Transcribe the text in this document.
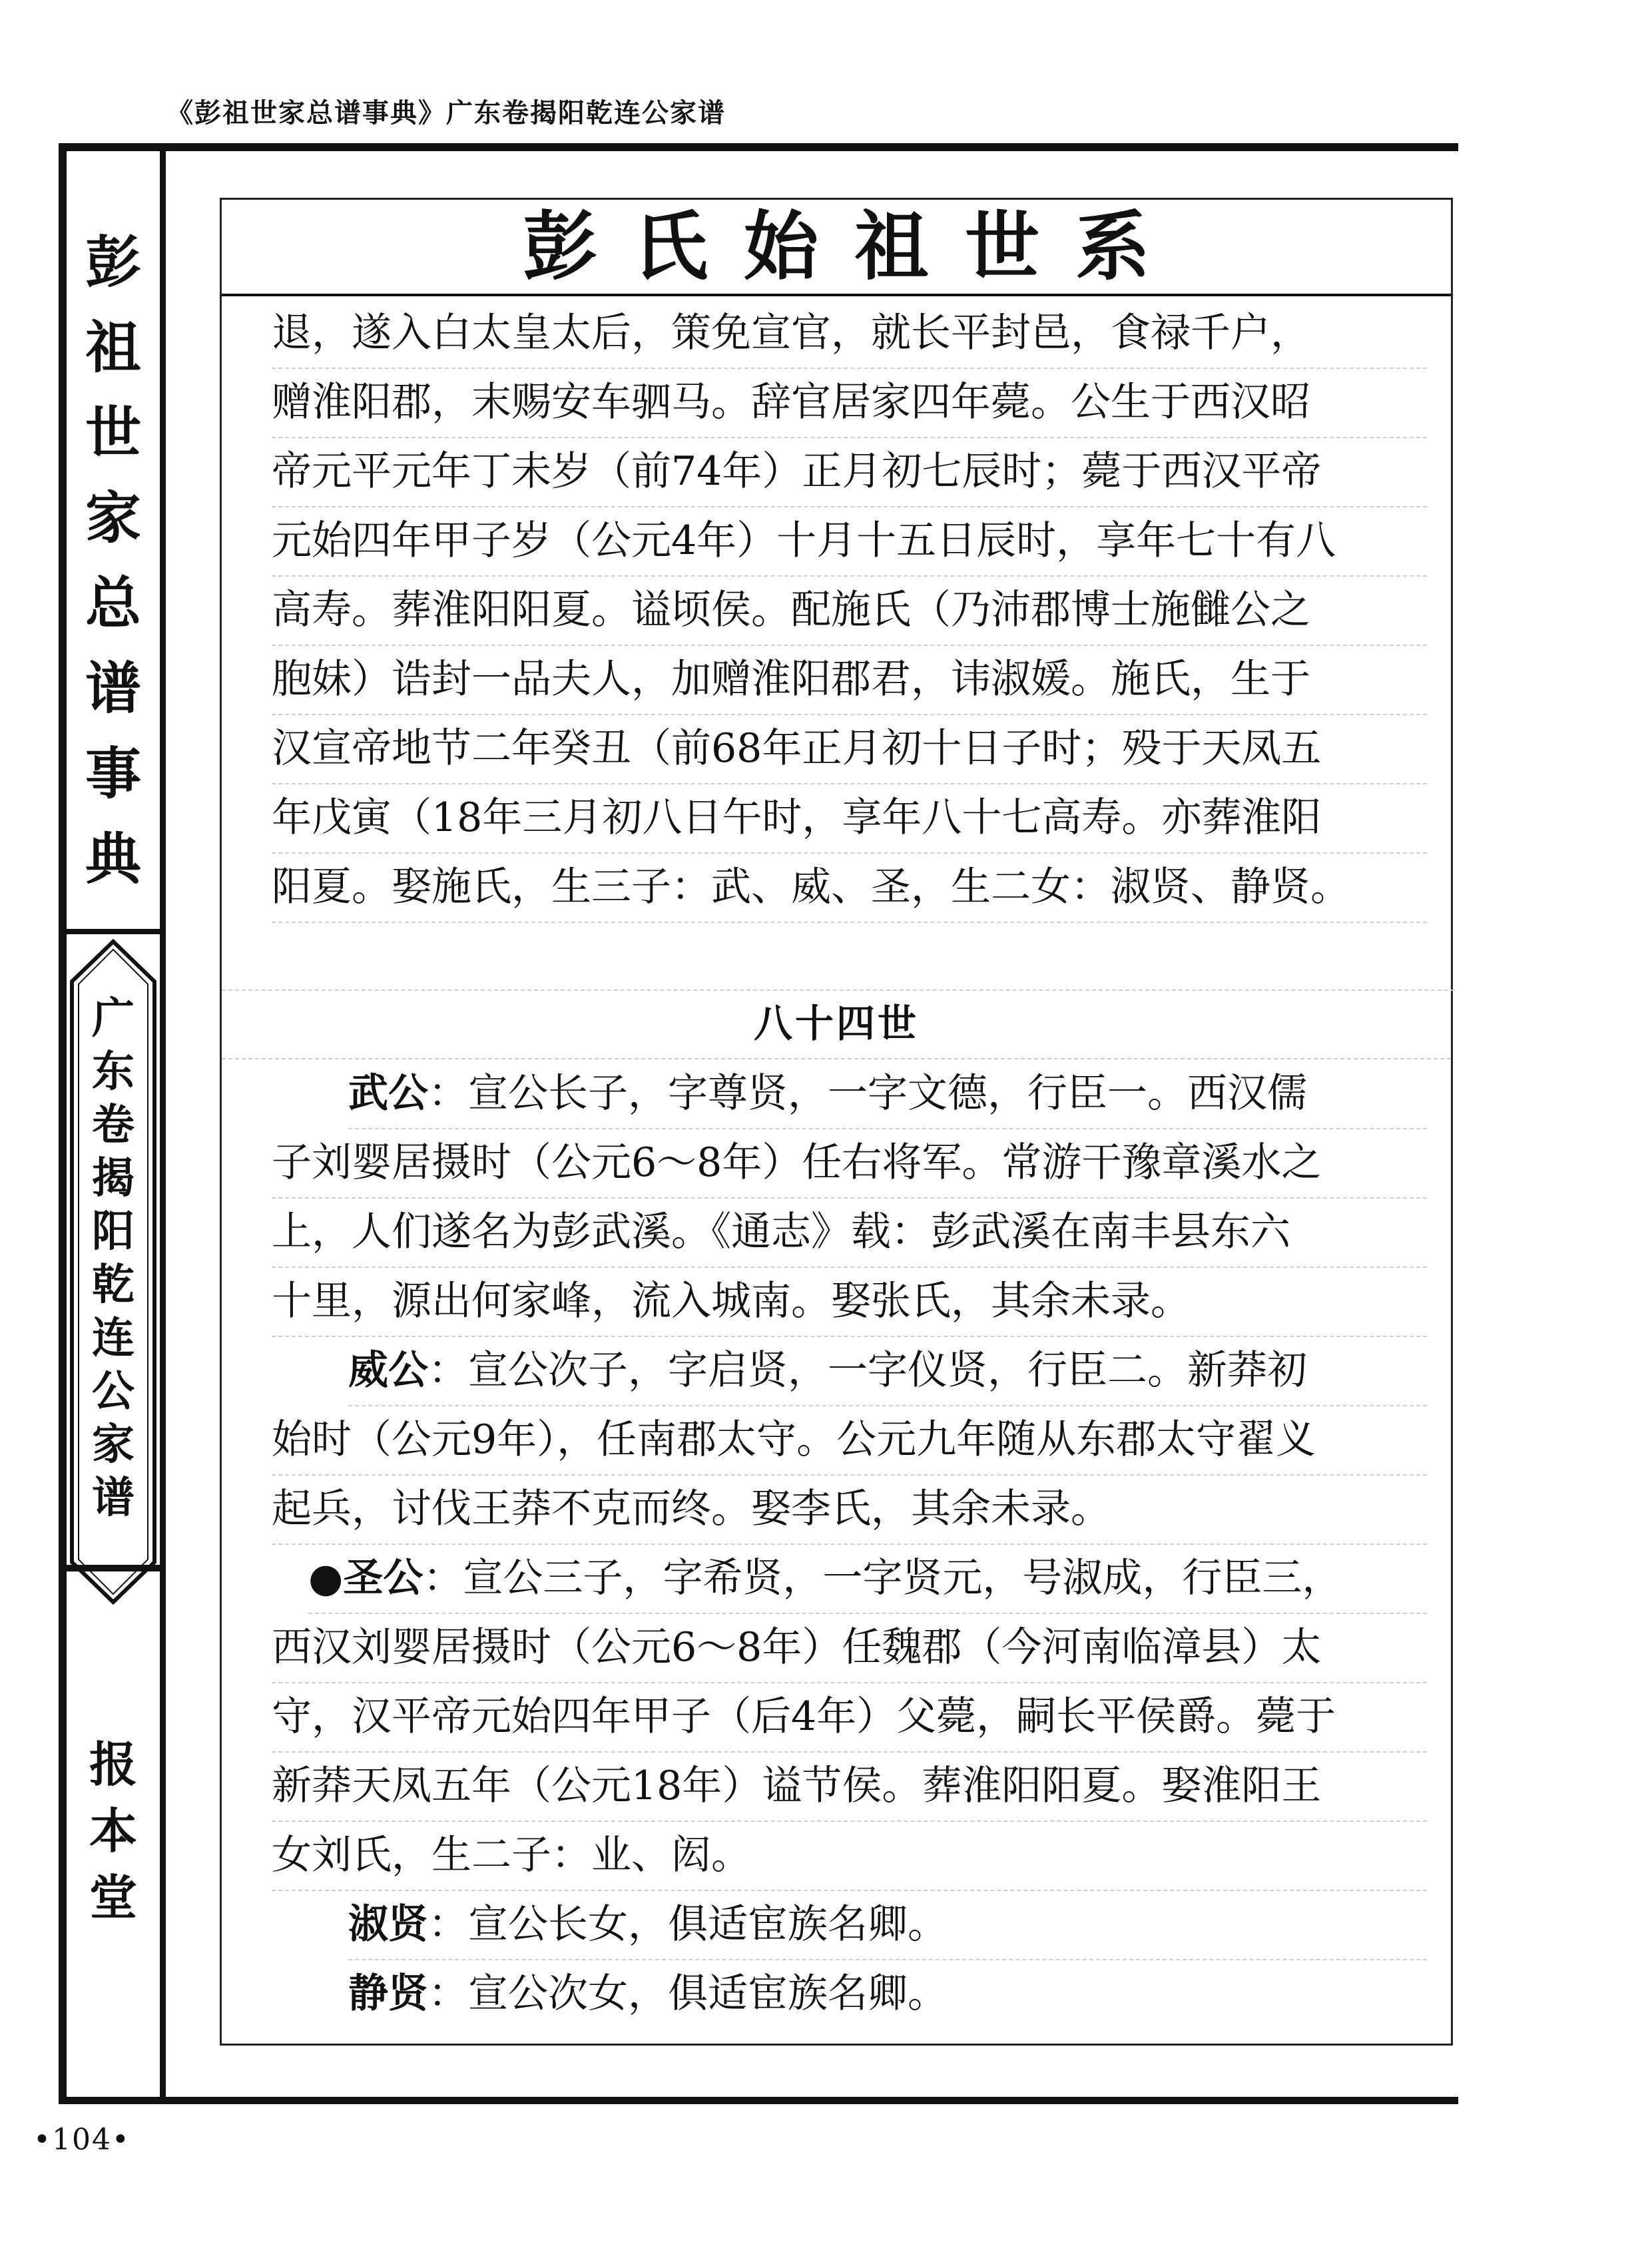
《彭祖世家总谱事典》广东卷揭阳乾连公家谱
彭
祖
世
家
总
谱
事
典
广
东
卷
揭
阳
乾
连
公
家
谱
报
本
堂
彭氏始祖世系
退，遂入白太皇太后，策免宣官，就长平封邑，食禄千户，
赠淮阳郡，末赐安车驷马。辞官居家四年薨。公生于西汉昭
帝元平元年丁未岁（前74年）正月初七辰时；薨于西汉平帝
元始四年甲子岁（公元4年）十月十五日辰时，享年七十有八
高寿。葬淮阳阳夏。谥顷侯。配施氏（乃沛郡博士施雠公之
胞妹）诰封一品夫人，加赠淮阳郡君，讳淑媛。施氏，生于
汉宣帝地节二年癸丑（前68年正月初十日子时；殁于天凤五
年戊寅（18年三月初八日午时，享年八十七高寿。亦葬淮阳
阳夏。娶施氏，生三子：武、威、圣，生二女：淑贤、静贤。
八十四世
武公：宣公长子，字尊贤，一字文德，行臣一。西汉儒
子刘婴居摄时（公元6～8年）任右将军。常游干豫章溪水之
上，人们遂名为彭武溪。《通志》载：彭武溪在南丰县东六
十里，源出何家峰，流入城南。娶张氏，其余未录。
威公：宣公次子，字启贤，一字仪贤，行臣二。新莽初
始时（公元9年），任南郡太守。公元九年随从东郡太守翟义
起兵，讨伐王莽不克而终。娶李氏，其余未录。
●圣公：宣公三子，字希贤，一字贤元，号淑成，行臣三，
西汉刘婴居摄时（公元6～8年）任魏郡（今河南临漳县）太
守，汉平帝元始四年甲子（后4年）父薨，嗣长平侯爵。薨于
新莽天凤五年（公元18年）谥节侯。葬淮阳阳夏。娶淮阳王
女刘氏，生二子：业、闳。
淑贤：宣公长女，俱适宦族名卿。
静贤：宣公次女，俱适宦族名卿。
•104•
